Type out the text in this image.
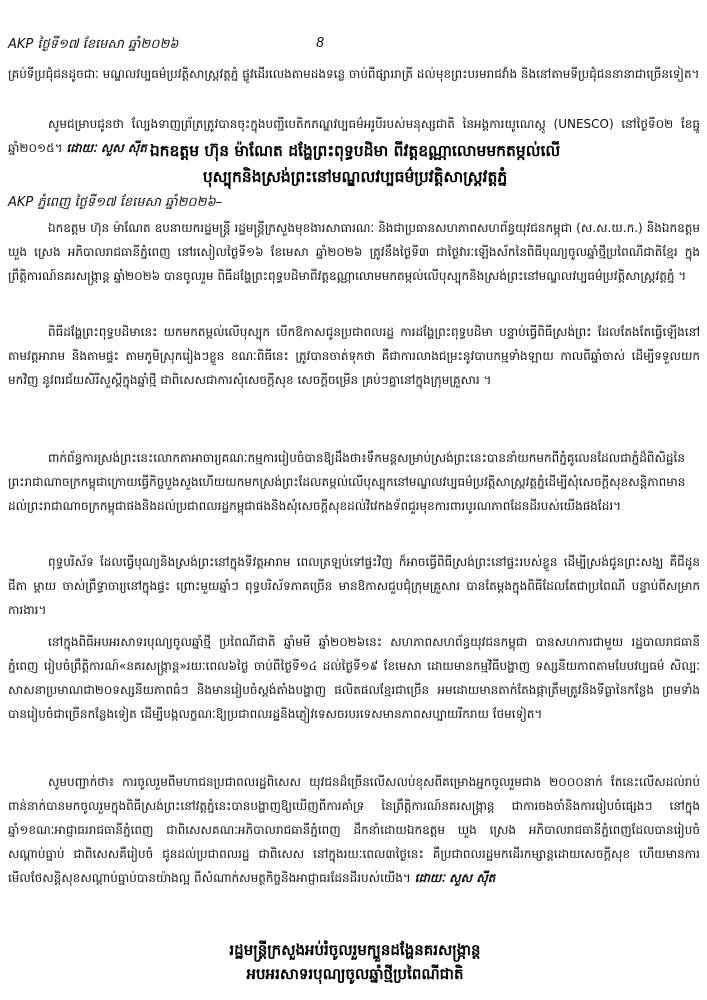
AKP ថ្ងៃទី១៧ ខែមេសា ឆ្នាំ២០២៦	8

គ្រប់ទីប្រជុំជនដូចជាៈ មណ្ឌលវប្បធម៌ប្រវត្តិសាស្រ្តវត្តភ្នំ ផ្លូវដើរលេងតាមដងទន្លេ ចាប់ពីផ្សាររាត្រី ដល់មុខព្រះបរមរាជវាំង និងនៅតាមទីប្រជុំជននានាជាច្រើនទៀត។

សូមជម្រាបជូនថា ល្បែងទាញព្រ័ត្រត្រូវបានចុះក្នុងបញ្ជីបេតិកភណ្ឌវប្បធម៌អរូបីរបស់មនុស្សជាតិ នៃអង្គការយូណេស្កូ (UNESCO) នៅថ្ងៃទី០២ ខែធ្នូ ឆ្នាំ២០១៥។ ដោយៈ សួស សុីត ឯកឧត្តម ហ៊ុន ម៉ាណែត ដង្ហែព្រះពុទ្ធបដិមា ពីវត្តឧណ្ណាលោមមកតម្កល់លើ
បុស្បុកនិងស្រង់ព្រះនៅមណ្ឌលវប្បធម៌ប្រវត្តិសាស្រ្តវត្តភ្នំ
AKP ភ្នំពេញ ថ្ងៃទី១៧ ខែមេសា ឆ្នាំ២០២៦–

ឯកឧត្តម ហ៊ុន ម៉ាណែត ឧបនាយករដ្ឋមន្ត្រី រដ្ឋមន្ត្រីក្រសួងមុខងារសាធារណៈ និងជាប្រធានសហភាពសហព័ន្ធយុវជនកម្ពុជា (ស.ស.យ.ក.) និងឯកឧត្តម ឃួង ស្រេង អភិបាលរាជធានីភ្នំពេញ នៅរសៀលថ្ងៃទី១៦ ខែមេសា ឆ្នាំ២០២៦ ត្រូវនឹងថ្ងៃទី៣ ជាថ្ងៃវារៈឡើងស័កនៃពិធីបុណ្យចូលឆ្នាំថ្មីប្រពៃណីជាតិខ្មែរ ក្នុងព្រឹត្តិការណ៍នគរសង្ក្រាន្ត ឆ្នាំ២០២៦ បានចូលរួម ពិធីដង្ហែព្រះពុទ្ធបដិមាពីវត្តឧណ្ណាលោមមកតម្កល់លើបុស្បុកនិងស្រង់ព្រះនៅមណ្ឌលវប្បធម៌ប្រវត្តិសាស្រ្តវត្តភ្នំ ។

ពិធីដង្ហែព្រះពុទ្ធបដិមានេះ យកមកតម្កល់លើបុស្បុក បើកឱកាសជូនប្រជាពលរដ្ឋ ការដង្ហែព្រះពុទ្ធបដិមា បន្ទាប់ធ្វើពិធីស្រង់ព្រះ ដែលតែងតែធ្វើឡើងនៅតាមវត្តអារាម និងតាមផ្ទះ តាមភូមិស្រុករៀងៗខ្លួន ខណៈពិធីនេះ ត្រូវបានចាត់ទុកថា គឺជាការលាងជម្រះនូវបាបកម្មទាំងឡាយ កាលពីឆ្នាំចាស់ ដើម្បីទទួលយកមកវិញ នូវពរជ័យសិរីសួស្តីក្នុងឆ្នាំថ្មី ជាពិសេសជាការសុំសេចក្តីសុខ សេចក្តីចម្រើន គ្រប់ៗគ្នានៅក្នុងក្រុមគ្រួសារ ។

ពាក់ព័ន្ធការស្រង់ព្រះនេះលោកតាអាចារ្យគណៈកម្មការរៀបចំបានឱ្យដឹងថា៖ទឹកមន្តសម្រាប់ស្រង់ព្រះនេះបាននាំយកមកពីភ្នំគូលេនដែលជាភ្នំដ៏ពិសិដ្ឋនៃព្រះរាជាណាចក្រកម្ពុជាក្រោយធ្វើកិច្ចបួងសួងហើយយកមកស្រង់ព្រះដែលតម្កល់លើបុស្បុកនៅមណ្ឌលវប្បធម៌ប្រវត្តិសាស្រ្តវត្តភ្នំដើម្បីសុំសេចក្តីសុខសន្តិភាពមានដល់ព្រះរាជាណាចក្រកម្ពុជាផងនិងដល់ប្រជាពលរដ្ឋកម្ពុជាផងនិងសុំសេចក្តីសុខដល់វិវេកងទ័ពជួរមុខការពារបូរណភាពដែនដីរបស់យើងផងដែរ។

ពុទ្ធបរិស័ទ ដែលធ្វើបុណ្យនិងស្រង់ព្រះនៅក្នុងទីវត្តអារាម ពេលត្រឡប់ទៅផ្ទះវិញ ក៏អាចធ្វើពិធីស្រង់ព្រះនៅផ្ទះរបស់ខ្លួន ដើម្បីស្រង់ជូនព្រះសង្ឃ គឺជីដូនជីតា ម្តាយ ចាស់ព្រឹទ្ធាចារ្យនៅក្នុងផ្ទះ ព្រោះមួយឆ្នាំៗ ពុទ្ធបរិស័ទភាគច្រើន មានឱកាសជួបជុំក្រុមគ្រួសារ បានតែម្តងក្នុងពិធីដែលតែជាប្រពៃណី បន្ទាប់ពីសម្រាកការងារ។

នៅក្នុងពិធីអបអរសាទរបុណ្យចូលឆ្នាំថ្មី ប្រពៃណីជាតិ ឆ្នាំមមី ឆ្នាំ២០២៦នេះ សហភាពសហព័ន្ធយុវជនកម្ពុជា បានសហការជាមួយ រដ្ឋបាលរាជធានីភ្នំពេញ រៀបចំព្រឹត្តិការណ៍«នគរសង្ក្រាន្ត»រយៈពេល៦ថ្ងៃ ចាប់ពីថ្ងៃទី១៤ ដល់ថ្ងៃទី១៩ ខែមេសា ដោយមានកម្មវិធីបង្ហាញ ទស្សនីយភាពតាមបែបវប្បធម៌ សិល្បៈសាសនាប្រមាណជា២០ទស្សនីយភាពធំៗ និងមានរៀបចំស្តង់តាំងបង្ហាញ ផលិតផលខ្មែរជាច្រើន អមដោយមានតាក់តែងផ្កាត្រឹមត្រូវនិងទីធ្លានៃកន្លែង ព្រមទាំងបានរៀបចំជាច្រើនកន្លែងទៀត ដើម្បីបង្កលក្ខណៈឱ្យប្រជាពលរដ្ឋនិងភ្ញៀវទេសចរបរទេសមានភាពសប្បាយរីករាយ ថែមទៀត។

សូមបញ្ជាក់ថា៖ ការចូលរួមពីមហាជនប្រជាពលរដ្ឋពិសេស យុវជនដ៏ច្រើនលើសលប់ខុសពីគម្រោងអ្នកចូលរួមជាង ២០០០នាក់ តែនេះលើសដល់រាប់ពាន់នាក់បានមកចូលរួមក្នុងពិធីស្រង់ព្រះនៅវត្តភ្នំនេះបានបង្ហាញឱ្យឃើញពីការគាំទ្រ នៃព្រឹត្តិការណ៍នគរសង្ក្រាន្ត ជាការចងចាំនិងការរៀបចំផ្សេងៗ នៅក្នុងឆ្នាំ១ខណៈអាជ្ញាធររាជធានីភ្នំពេញ ជាពិសេសគណៈអភិបាលរាជធានីភ្នំពេញ ដឹកនាំដោយឯកឧត្តម ឃួង ស្រេង អភិបាលរាជធានីភ្នំពេញដែលបានរៀបចំសណ្តាប់ធ្នាប់ ជាពិសេសគឺរៀបចំ ជូនដល់ប្រជាពលរដ្ឋ ជាពិសេស នៅក្នុងរយៈពេល៣ថ្ងៃនេះ គឺប្រជាពលរដ្ឋមកដើរកម្សាន្តដោយសេចក្តីសុខ ហើយមានការមើលថែសន្តិសុខសណ្តាប់ធ្នាប់បានយ៉ាងល្អ ពីសំណាក់សមត្ថកិច្ចនិងអាជ្ញាធរដែនដីរបស់យើង។ ដោយៈ សួស សុីត

រដ្ឋមន្ត្រីក្រសួងអប់រំចូលរួមក្បួនដង្ហែនគរសង្ក្រាន្ត
អបអរសាទរបុណ្យចូលឆ្នាំថ្មីប្រពៃណីជាតិ
